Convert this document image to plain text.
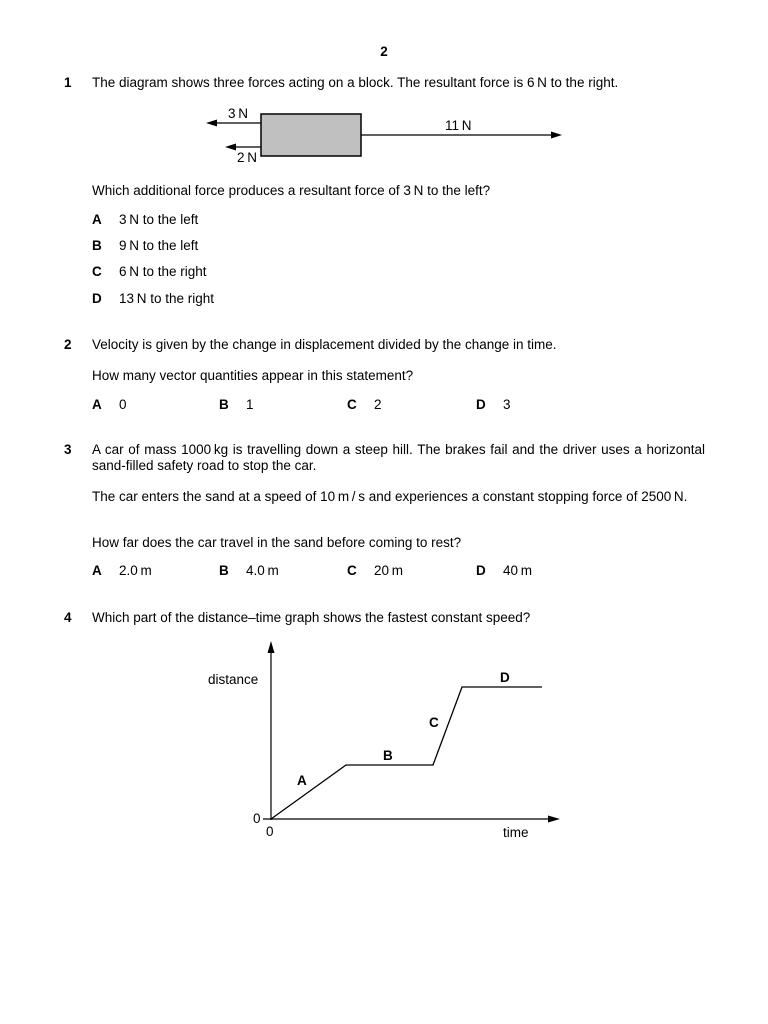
2
1 The diagram shows three forces acting on a block. The resultant force is 6 N to the right.
3 N
2 N
11 N
Which additional force produces a resultant force of 3 N to the left?
A 3 N to the left
B 9 N to the left
C 6 N to the right
D 13 N to the right
2 Velocity is given by the change in displacement divided by the change in time.
How many vector quantities appear in this statement?
A 0	B 1	C 2	D 3
3 A car of mass 1000 kg is travelling down a steep hill. The brakes fail and the driver uses a horizontal sand-filled safety road to stop the car.
The car enters the sand at a speed of 10 m / s and experiences a constant stopping force of 2500 N.
How far does the car travel in the sand before coming to rest?
A 2.0 m	B 4.0 m	C 20 m	D 40 m
4 Which part of the distance–time graph shows the fastest constant speed?
distance
time
0
0
A
B
C
D
